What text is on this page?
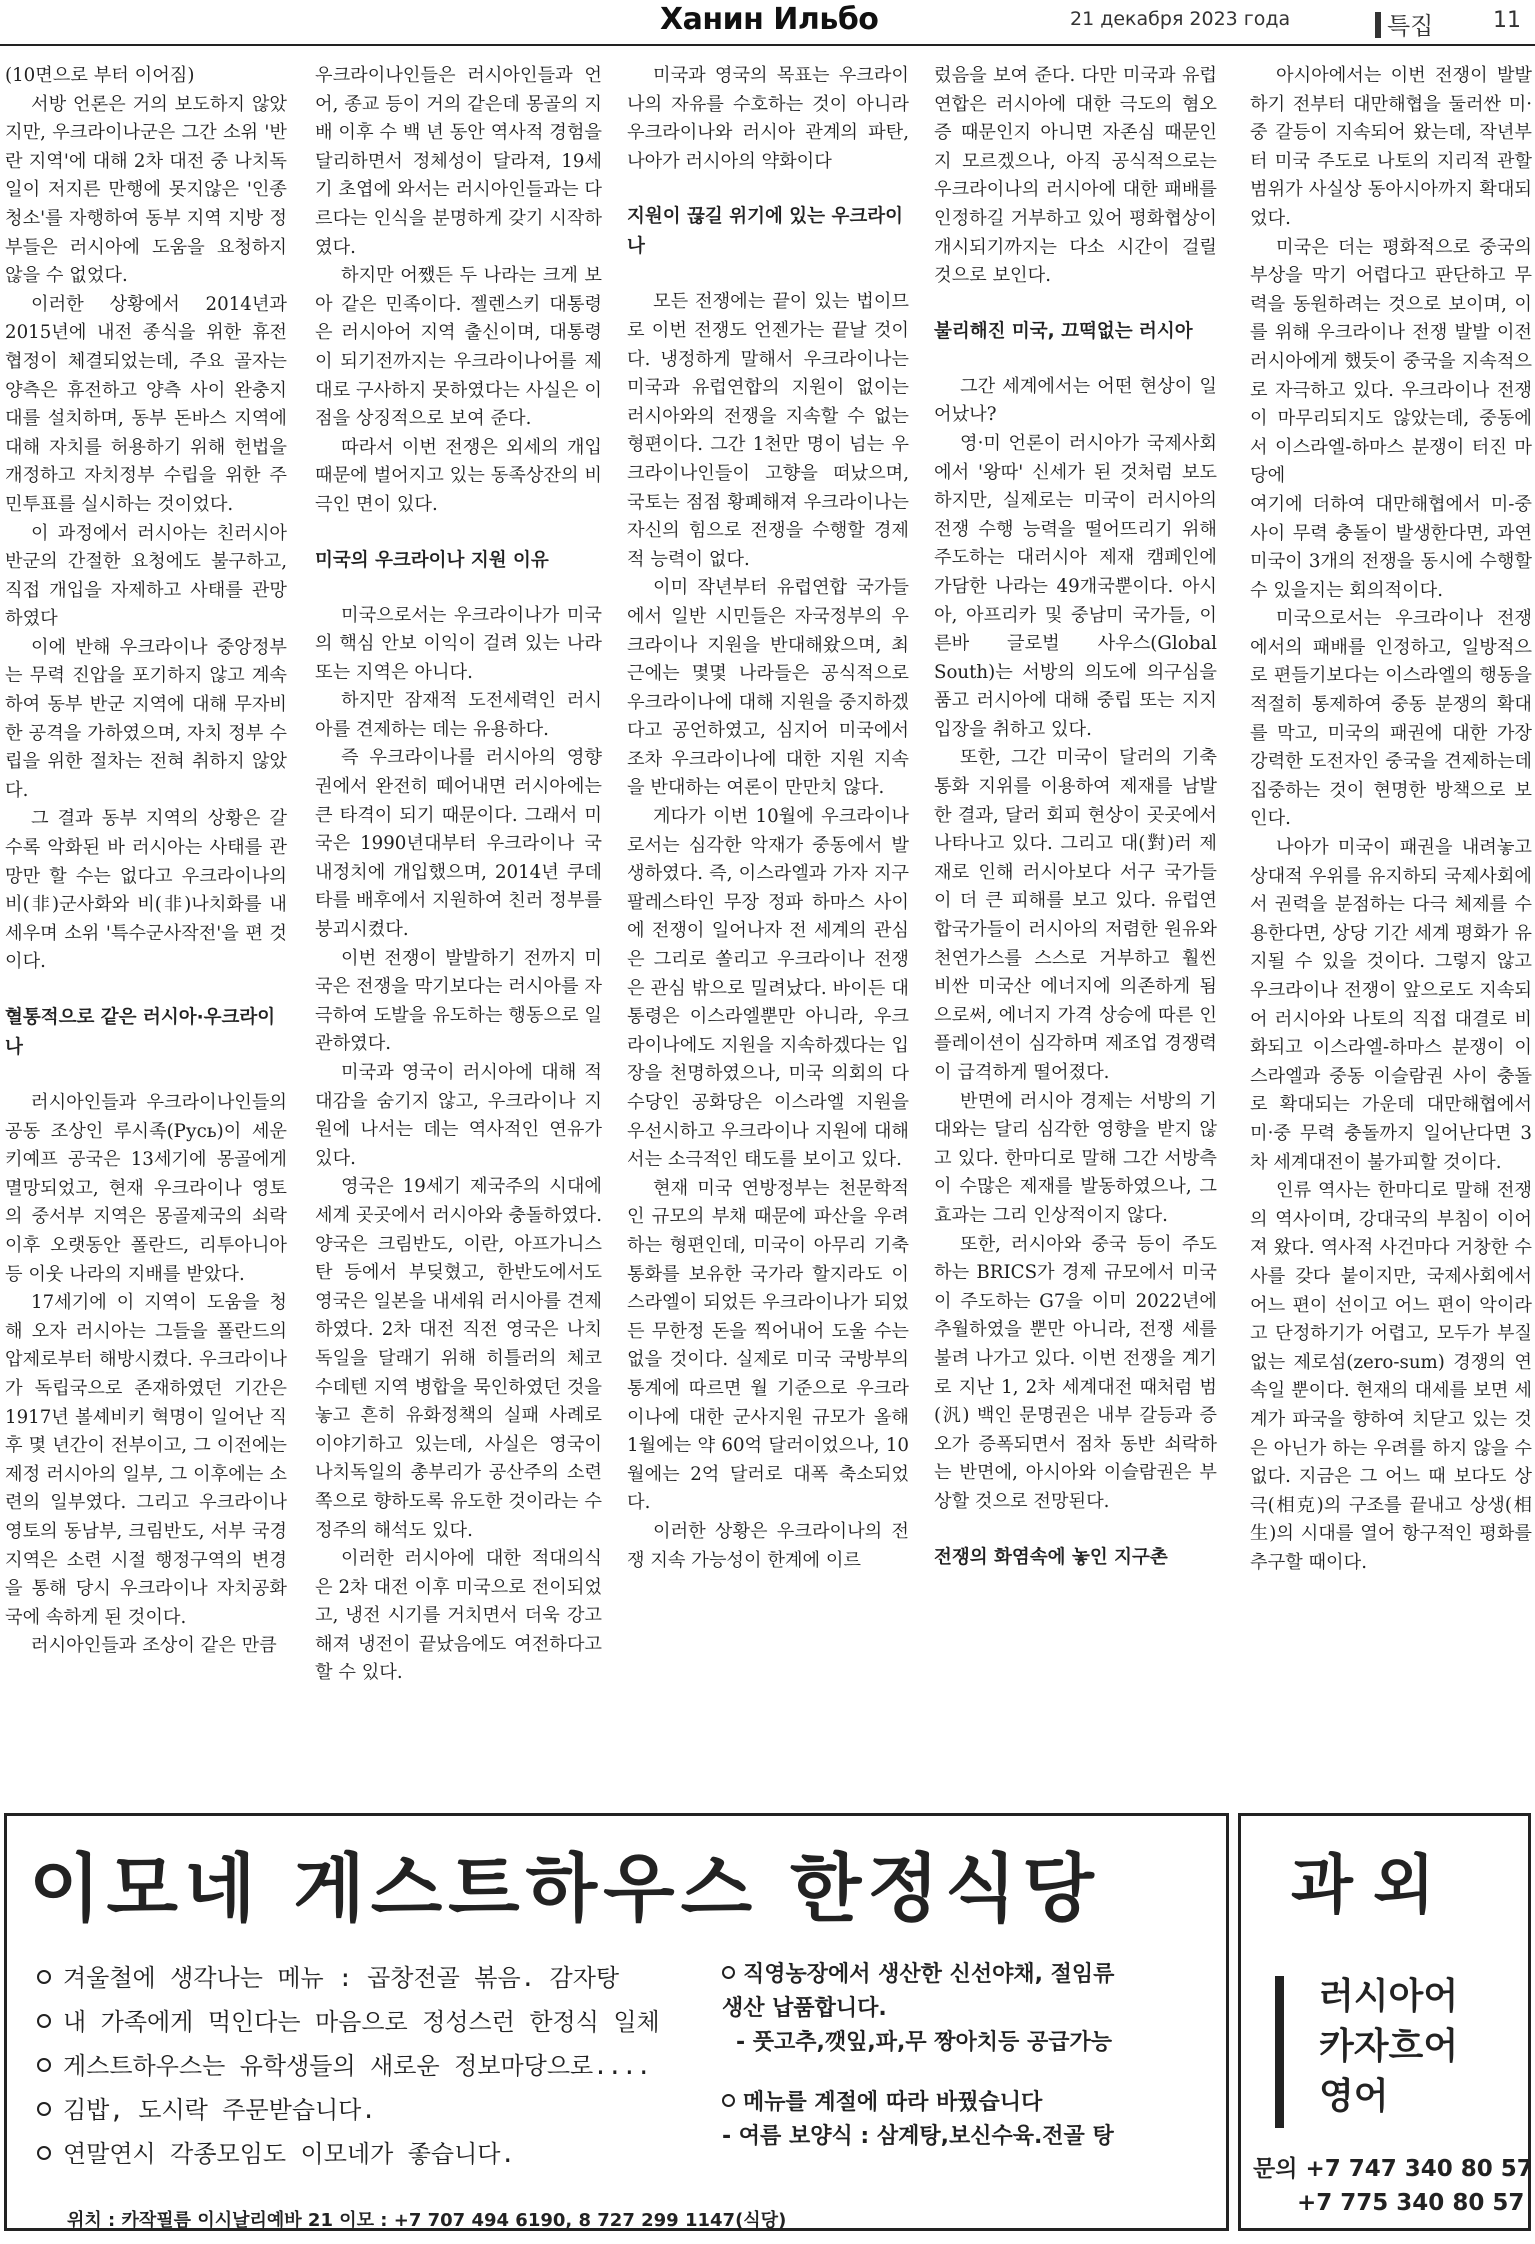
Ханин Ильбо	21 декабря 2023 года	특집	11

(10면으로 부터 이어짐)

서방 언론은 거의 보도하지 않았지만, 우크라이나군은 그간 소위 '반란 지역'에 대해 2차 대전 중 나치독일이 저지른 만행에 못지않은 '인종청소'를 자행하여 동부 지역 지방 정부들은 러시아에 도움을 요청하지 않을 수 없었다.

이러한 상황에서 2014년과 2015년에 내전 종식을 위한 휴전 협정이 체결되었는데, 주요 골자는 양측은 휴전하고 양측 사이 완충지대를 설치하며, 동부 돈바스 지역에 대해 자치를 허용하기 위해 헌법을 개정하고 자치정부 수립을 위한 주민투표를 실시하는 것이었다.

이 과정에서 러시아는 친러시아 반군의 간절한 요청에도 불구하고, 직접 개입을 자제하고 사태를 관망하였다

이에 반해 우크라이나 중앙정부는 무력 진압을 포기하지 않고 계속하여 동부 반군 지역에 대해 무자비한 공격을 가하였으며, 자치 정부 수립을 위한 절차는 전혀 취하지 않았다.

그 결과 동부 지역의 상황은 갈수록 악화된 바 러시아는 사태를 관망만 할 수는 없다고 우크라이나의 비(非)군사화와 비(非)나치화를 내세우며 소위 '특수군사작전'을 편 것이다.

혈통적으로 같은 러시아·우크라이나

러시아인들과 우크라이나인들의 공동 조상인 루시족(Русь)이 세운 키예프 공국은 13세기에 몽골에게 멸망되었고, 현재 우크라이나 영토의 중서부 지역은 몽골제국의 쇠락 이후 오랫동안 폴란드, 리투아니아 등 이웃 나라의 지배를 받았다.

17세기에 이 지역이 도움을 청해 오자 러시아는 그들을 폴란드의 압제로부터 해방시켰다. 우크라이나가 독립국으로 존재하였던 기간은 1917년 볼셰비키 혁명이 일어난 직후 몇 년간이 전부이고, 그 이전에는 제정 러시아의 일부, 그 이후에는 소련의 일부였다. 그리고 우크라이나 영토의 동남부, 크림반도, 서부 국경 지역은 소련 시절 행정구역의 변경을 통해 당시 우크라이나 자치공화국에 속하게 된 것이다.

러시아인들과 조상이 같은 만큼

우크라이나인들은 러시아인들과 언어, 종교 등이 거의 같은데 몽골의 지배 이후 수 백 년 동안 역사적 경험을 달리하면서 정체성이 달라져, 19세기 초엽에 와서는 러시아인들과는 다르다는 인식을 분명하게 갖기 시작하였다.

하지만 어쨌든 두 나라는 크게 보아 같은 민족이다. 젤렌스키 대통령은 러시아어 지역 출신이며, 대통령이 되기전까지는 우크라이나어를 제대로 구사하지 못하였다는 사실은 이 점을 상징적으로 보여 준다.

따라서 이번 전쟁은 외세의 개입 때문에 벌어지고 있는 동족상잔의 비극인 면이 있다.

미국의 우크라이나 지원 이유

미국으로서는 우크라이나가 미국의 핵심 안보 이익이 걸려 있는 나라 또는 지역은 아니다.

하지만 잠재적 도전세력인 러시아를 견제하는 데는 유용하다.

즉 우크라이나를 러시아의 영향권에서 완전히 떼어내면 러시아에는 큰 타격이 되기 때문이다. 그래서 미국은 1990년대부터 우크라이나 국내정치에 개입했으며, 2014년 쿠데타를 배후에서 지원하여 친러 정부를 붕괴시켰다.

이번 전쟁이 발발하기 전까지 미국은 전쟁을 막기보다는 러시아를 자극하여 도발을 유도하는 행동으로 일관하였다.

미국과 영국이 러시아에 대해 적대감을 숨기지 않고, 우크라이나 지원에 나서는 데는 역사적인 연유가 있다.

영국은 19세기 제국주의 시대에 세계 곳곳에서 러시아와 충돌하였다. 양국은 크림반도, 이란, 아프가니스탄 등에서 부딪혔고, 한반도에서도 영국은 일본을 내세워 러시아를 견제하였다. 2차 대전 직전 영국은 나치독일을 달래기 위해 히틀러의 체코 수데텐 지역 병합을 묵인하였던 것을 놓고 흔히 유화정책의 실패 사례로 이야기하고 있는데, 사실은 영국이 나치독일의 총부리가 공산주의 소련 쪽으로 향하도록 유도한 것이라는 수정주의 해석도 있다.

이러한 러시아에 대한 적대의식은 2차 대전 이후 미국으로 전이되었고, 냉전 시기를 거치면서 더욱 강고해져 냉전이 끝났음에도 여전하다고 할 수 있다.

미국과 영국의 목표는 우크라이나의 자유를 수호하는 것이 아니라 우크라이나와 러시아 관계의 파탄, 나아가 러시아의 약화이다

지원이 끊길 위기에 있는 우크라이나

모든 전쟁에는 끝이 있는 법이므로 이번 전쟁도 언젠가는 끝날 것이다. 냉정하게 말해서 우크라이나는 미국과 유럽연합의 지원이 없이는 러시아와의 전쟁을 지속할 수 없는 형편이다. 그간 1천만 명이 넘는 우크라이나인들이 고향을 떠났으며, 국토는 점점 황폐해져 우크라이나는 자신의 힘으로 전쟁을 수행할 경제적 능력이 없다.

이미 작년부터 유럽연합 국가들에서 일반 시민들은 자국정부의 우크라이나 지원을 반대해왔으며, 최근에는 몇몇 나라들은 공식적으로 우크라이나에 대해 지원을 중지하겠다고 공언하였고, 심지어 미국에서조차 우크라이나에 대한 지원 지속을 반대하는 여론이 만만치 않다.

게다가 이번 10월에 우크라이나로서는 심각한 악재가 중동에서 발생하였다. 즉, 이스라엘과 가자 지구 팔레스타인 무장 정파 하마스 사이에 전쟁이 일어나자 전 세계의 관심은 그리로 쏠리고 우크라이나 전쟁은 관심 밖으로 밀려났다. 바이든 대통령은 이스라엘뿐만 아니라, 우크라이나에도 지원을 지속하겠다는 입장을 천명하였으나, 미국 의회의 다수당인 공화당은 이스라엘 지원을 우선시하고 우크라이나 지원에 대해서는 소극적인 태도를 보이고 있다.

현재 미국 연방정부는 천문학적인 규모의 부채 때문에 파산을 우려하는 형편인데, 미국이 아무리 기축통화를 보유한 국가라 할지라도 이스라엘이 되었든 우크라이나가 되었든 무한정 돈을 찍어내어 도울 수는 없을 것이다. 실제로 미국 국방부의 통계에 따르면 월 기준으로 우크라이나에 대한 군사지원 규모가 올해 1월에는 약 60억 달러이었으나, 10월에는 2억 달러로 대폭 축소되었다.

이러한 상황은 우크라이나의 전쟁 지속 가능성이 한계에 이르

렀음을 보여 준다. 다만 미국과 유럽연합은 러시아에 대한 극도의 혐오증 때문인지 아니면 자존심 때문인지 모르겠으나, 아직 공식적으로는 우크라이나의 러시아에 대한 패배를 인정하길 거부하고 있어 평화협상이 개시되기까지는 다소 시간이 걸릴 것으로 보인다.

불리해진 미국, 끄떡없는 러시아

그간 세계에서는 어떤 현상이 일어났나?

영·미 언론이 러시아가 국제사회에서 '왕따' 신세가 된 것처럼 보도하지만, 실제로는 미국이 러시아의 전쟁 수행 능력을 떨어뜨리기 위해 주도하는 대러시아 제재 캠페인에 가담한 나라는 49개국뿐이다. 아시아, 아프리카 및 중남미 국가들, 이른바 글로벌 사우스(Global South)는 서방의 의도에 의구심을 품고 러시아에 대해 중립 또는 지지 입장을 취하고 있다.

또한, 그간 미국이 달러의 기축통화 지위를 이용하여 제재를 남발한 결과, 달러 회피 현상이 곳곳에서 나타나고 있다. 그리고 대(對)러 제재로 인해 러시아보다 서구 국가들이 더 큰 피해를 보고 있다. 유럽연합국가들이 러시아의 저렴한 원유와 천연가스를 스스로 거부하고 훨씬 비싼 미국산 에너지에 의존하게 됨으로써, 에너지 가격 상승에 따른 인플레이션이 심각하며 제조업 경쟁력이 급격하게 떨어졌다.

반면에 러시아 경제는 서방의 기대와는 달리 심각한 영향을 받지 않고 있다. 한마디로 말해 그간 서방측이 수많은 제재를 발동하였으나, 그 효과는 그리 인상적이지 않다.

또한, 러시아와 중국 등이 주도하는 BRICS가 경제 규모에서 미국이 주도하는 G7을 이미 2022년에 추월하였을 뿐만 아니라, 전쟁 세를 불려 나가고 있다. 이번 전쟁을 계기로 지난 1, 2차 세계대전 때처럼 범(汎) 백인 문명권은 내부 갈등과 증오가 증폭되면서 점차 동반 쇠락하는 반면에, 아시아와 이슬람권은 부상할 것으로 전망된다.

전쟁의 화염속에 놓인 지구촌

아시아에서는 이번 전쟁이 발발하기 전부터 대만해협을 둘러싼 미·중 갈등이 지속되어 왔는데, 작년부터 미국 주도로 나토의 지리적 관할 범위가 사실상 동아시아까지 확대되었다.

미국은 더는 평화적으로 중국의 부상을 막기 어렵다고 판단하고 무력을 동원하려는 것으로 보이며, 이를 위해 우크라이나 전쟁 발발 이전 러시아에게 했듯이 중국을 지속적으로 자극하고 있다. 우크라이나 전쟁이 마무리되지도 않았는데, 중동에서 이스라엘-하마스 분쟁이 터진 마당에

여기에 더하여 대만해협에서 미-중 사이 무력 충돌이 발생한다면, 과연 미국이 3개의 전쟁을 동시에 수행할 수 있을지는 회의적이다.

미국으로서는 우크라이나 전쟁에서의 패배를 인정하고, 일방적으로 편들기보다는 이스라엘의 행동을 적절히 통제하여 중동 분쟁의 확대를 막고, 미국의 패권에 대한 가장 강력한 도전자인 중국을 견제하는데 집중하는 것이 현명한 방책으로 보인다.

나아가 미국이 패권을 내려놓고 상대적 우위를 유지하되 국제사회에서 권력을 분점하는 다극 체제를 수용한다면, 상당 기간 세계 평화가 유지될 수 있을 것이다. 그렇지 않고 우크라이나 전쟁이 앞으로도 지속되어 러시아와 나토의 직접 대결로 비화되고 이스라엘-하마스 분쟁이 이스라엘과 중동 이슬람권 사이 충돌로 확대되는 가운데 대만해협에서 미·중 무력 충돌까지 일어난다면 3차 세계대전이 불가피할 것이다.

인류 역사는 한마디로 말해 전쟁의 역사이며, 강대국의 부침이 이어져 왔다. 역사적 사건마다 거창한 수사를 갖다 붙이지만, 국제사회에서 어느 편이 선이고 어느 편이 악이라고 단정하기가 어렵고, 모두가 부질없는 제로섬(zero-sum) 경쟁의 연속일 뿐이다. 현재의 대세를 보면 세계가 파국을 향하여 치닫고 있는 것은 아닌가 하는 우려를 하지 않을 수 없다. 지금은 그 어느 때 보다도 상극(相克)의 구조를 끝내고 상생(相生)의 시대를 열어 항구적인 평화를 추구할 때이다.

이모네 게스트하우스 한정식당
겨울철에 생각나는 메뉴 : 곱창전골 볶음. 감자탕
내 가족에게 먹인다는 마음으로 정성스런 한정식 일체
게스트하우스는 유학생들의 새로운 정보마당으로....
김밥, 도시락 주문받습니다.
연말연시 각종모임도 이모네가 좋습니다.
직영농장에서 생산한 신선야채, 절임류
생산 납품합니다.
- 풋고추,깻잎,파,무 짱아치등 공급가능
메뉴를 계절에 따라 바꿨습니다
- 여름 보양식 : 삼계탕,보신수육.전골 탕
위치 : 카작필름 이시날리예바 21 이모 : +7 707 494 6190, 8 727 299 1147(식당)
과외
러시아어
카자흐어
영어
문의 +7 747 340 80 57
+7 775 340 80 57
